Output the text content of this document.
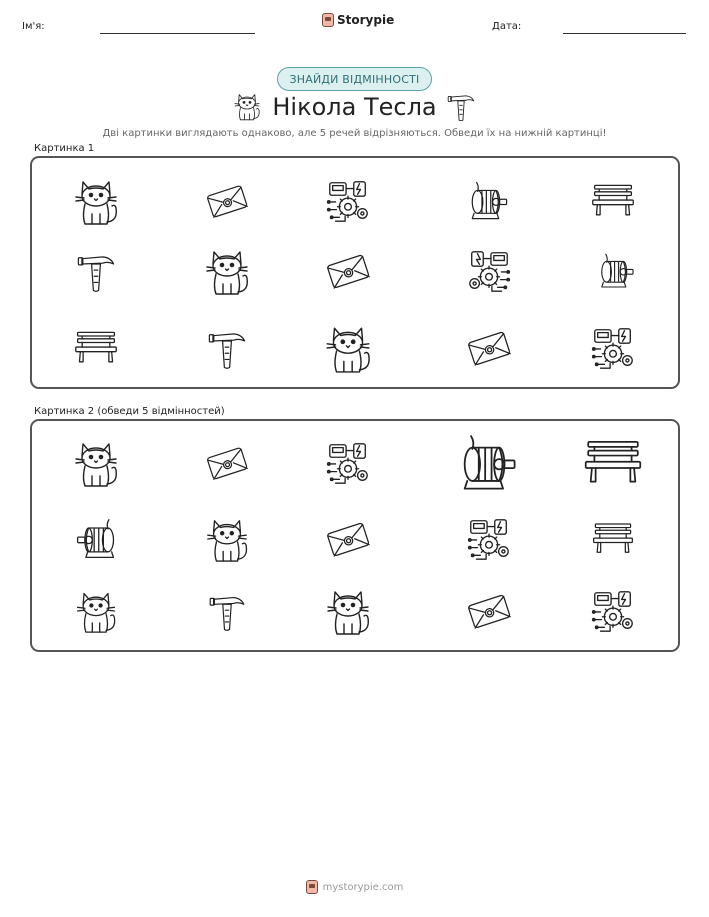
Ім'я:	Storypie	Дата:
ЗНАЙДИ ВІДМІННОСТІ
Нікола Тесла
Дві картинки виглядають однаково, але 5 речей відрізняються. Обведи їх на нижній картинці!
Картинка 1
Картинка 2 (обведи 5 відмінностей)
mystorypie.com
